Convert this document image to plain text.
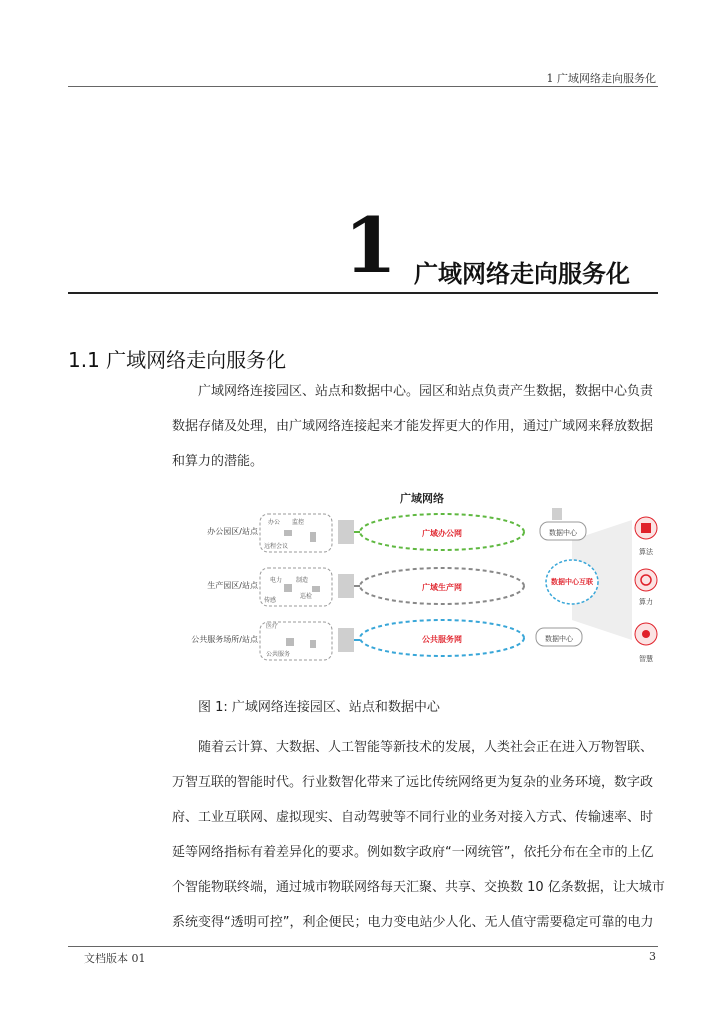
1 广域网络走向服务化
1 广域网络走向服务化
1.1 广域网络走向服务化
广域网络连接园区、站点和数据中心。园区和站点负责产生数据，数据中心负责
数据存储及处理，由广域网络连接起来才能发挥更大的作用，通过广域网来释放数据
和算力的潜能。
广域网络
办公园区/站点
生产园区/站点
公共服务场所/站点
办公 监控
远程会议
电力 制造
传感
巡检
医疗
公共服务
广域办公网
广域生产网
公共服务网
数据中心
数据中心
数据中心互联
算法
算力
智慧
图 1: 广域网络连接园区、站点和数据中心
随着云计算、大数据、人工智能等新技术的发展，人类社会正在进入万物智联、
万智互联的智能时代。行业数智化带来了远比传统网络更为复杂的业务环境，数字政
府、工业互联网、虚拟现实、自动驾驶等不同行业的业务对接入方式、传输速率、时
延等网络指标有着差异化的要求。例如数字政府“一网统管”，依托分布在全市的上亿
个智能物联终端，通过城市物联网络每天汇聚、共享、交换数 10 亿条数据，让大城市
系统变得“透明可控”，利企便民；电力变电站少人化、无人值守需要稳定可靠的电力
文档版本 01	3
